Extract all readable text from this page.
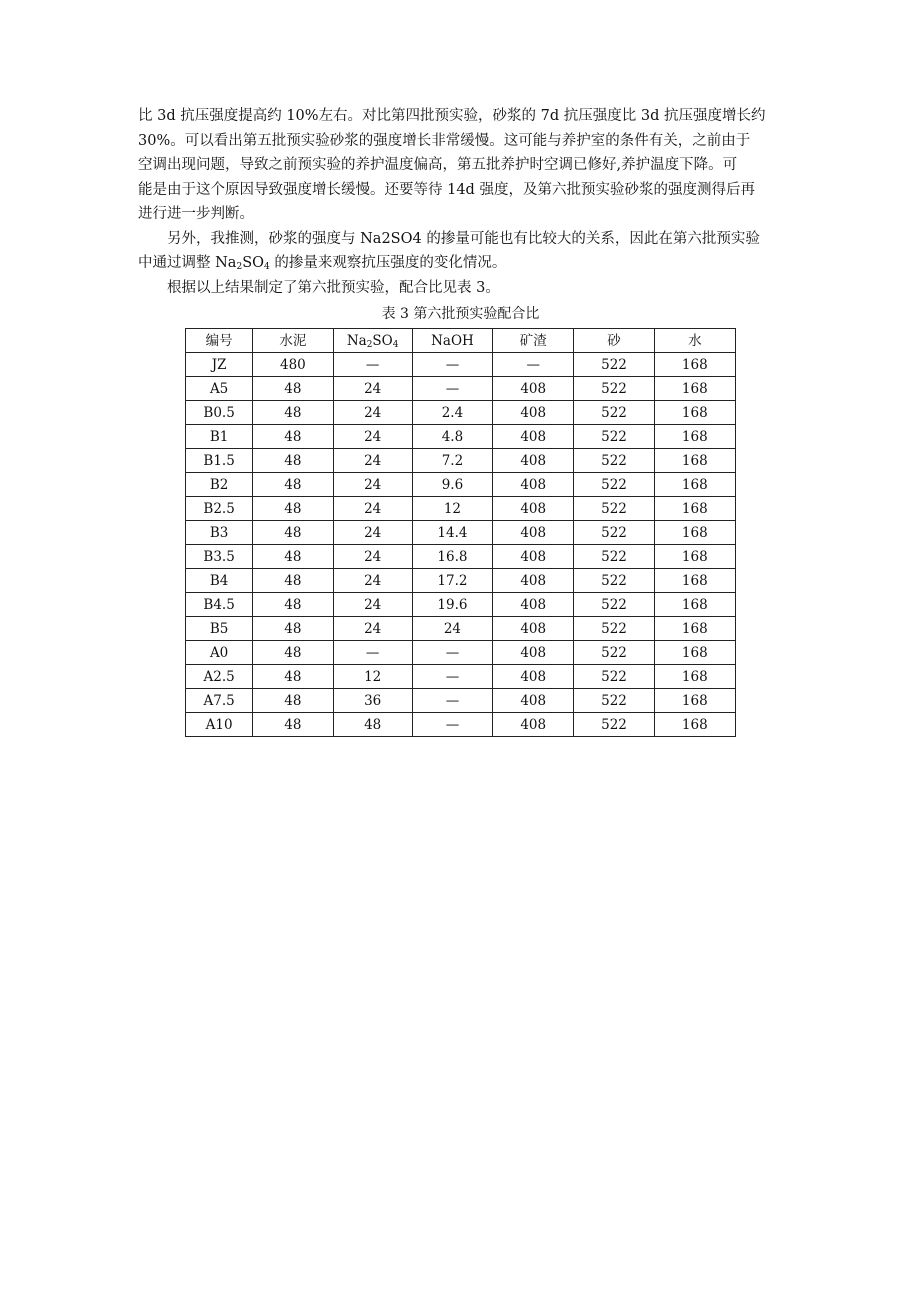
比 3d 抗压强度提高约 10%左右。对比第四批预实验，砂浆的 7d 抗压强度比 3d 抗压强度增长约
30%。可以看出第五批预实验砂浆的强度增长非常缓慢。这可能与养护室的条件有关，之前由于
空调出现问题，导致之前预实验的养护温度偏高，第五批养护时空调已修好,养护温度下降。可
能是由于这个原因导致强度增长缓慢。还要等待 14d 强度，及第六批预实验砂浆的强度测得后再
进行进一步判断。

另外，我推测，砂浆的强度与 Na2SO4 的掺量可能也有比较大的关系，因此在第六批预实验
中通过调整 $Na_2SO_4$ 的掺量来观察抗压强度的变化情况。

根据以上结果制定了第六批预实验，配合比见表 3。

表 3 第六批预实验配合比
编号	水泥	$Na_2SO_4$	NaOH	矿渣	砂	水
JZ	480	—	—	—	522	168
A5	48	24	—	408	522	168
B0.5	48	24	2.4	408	522	168
B1	48	24	4.8	408	522	168
B1.5	48	24	7.2	408	522	168
B2	48	24	9.6	408	522	168
B2.5	48	24	12	408	522	168
B3	48	24	14.4	408	522	168
B3.5	48	24	16.8	408	522	168
B4	48	24	17.2	408	522	168
B4.5	48	24	19.6	408	522	168
B5	48	24	24	408	522	168
A0	48	—	—	408	522	168
A2.5	48	12	—	408	522	168
A7.5	48	36	—	408	522	168
A10	48	48	—	408	522	168
